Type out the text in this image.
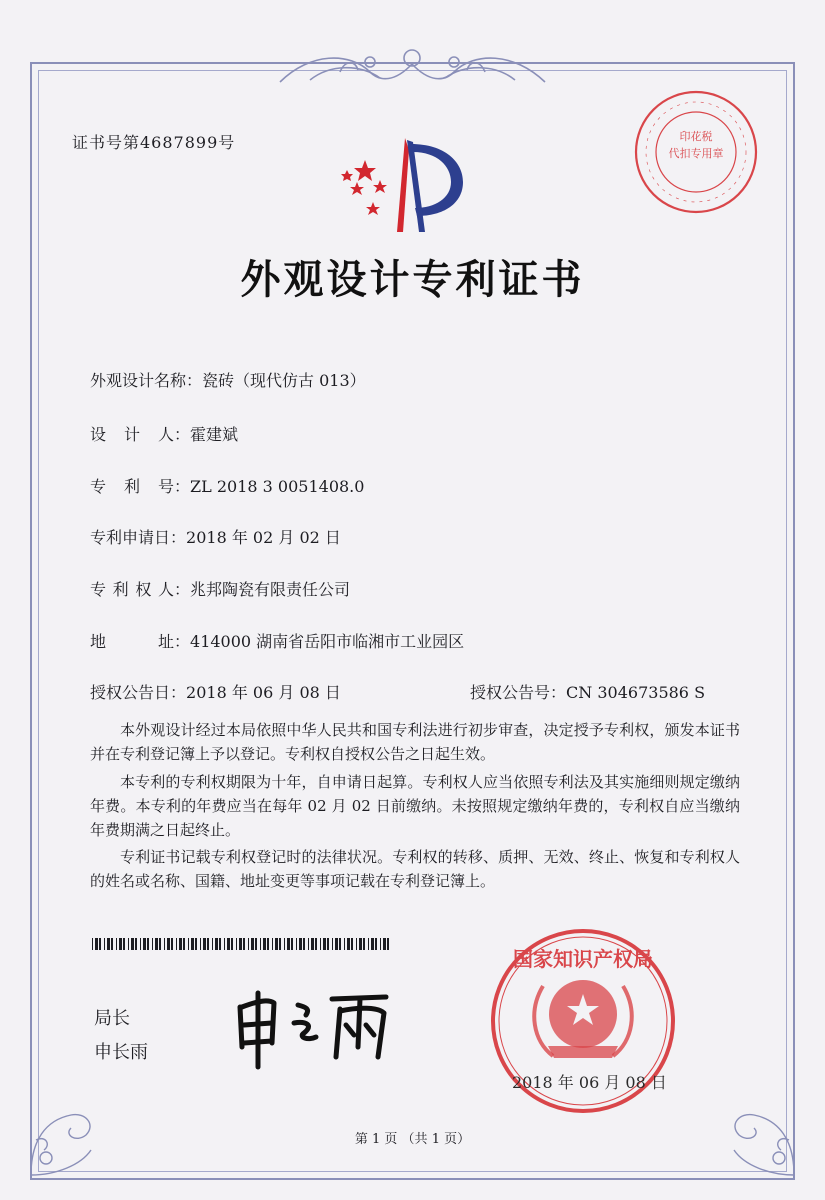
证书号第4687899号	印花税
代扣专用章
外观设计专利证书
外观设计名称：瓷砖（现代仿古 013）
设计人：霍建斌
专利号：ZL 2018 3 0051408.0
专利申请日：2018 年 02 月 02 日
专利权人：兆邦陶瓷有限责任公司
地址：414000 湖南省岳阳市临湘市工业园区
授权公告日：2018 年 06 月 08 日	授权公告号：CN 304673586 S
本外观设计经过本局依照中华人民共和国专利法进行初步审查，决定授予专利权，颁发本证书并在专利登记簿上予以登记。专利权自授权公告之日起生效。
本专利的专利权期限为十年，自申请日起算。专利权人应当依照专利法及其实施细则规定缴纳年费。本专利的年费应当在每年 02 月 02 日前缴纳。未按照规定缴纳年费的，专利权自应当缴纳年费期满之日起终止。
专利证书记载专利权登记时的法律状况。专利权的转移、质押、无效、终止、恢复和专利权人的姓名或名称、国籍、地址变更等事项记载在专利登记簿上。
局长
申长雨
国家知识产权局
2018 年 06 月 08 日
第 1 页 （共 1 页）
